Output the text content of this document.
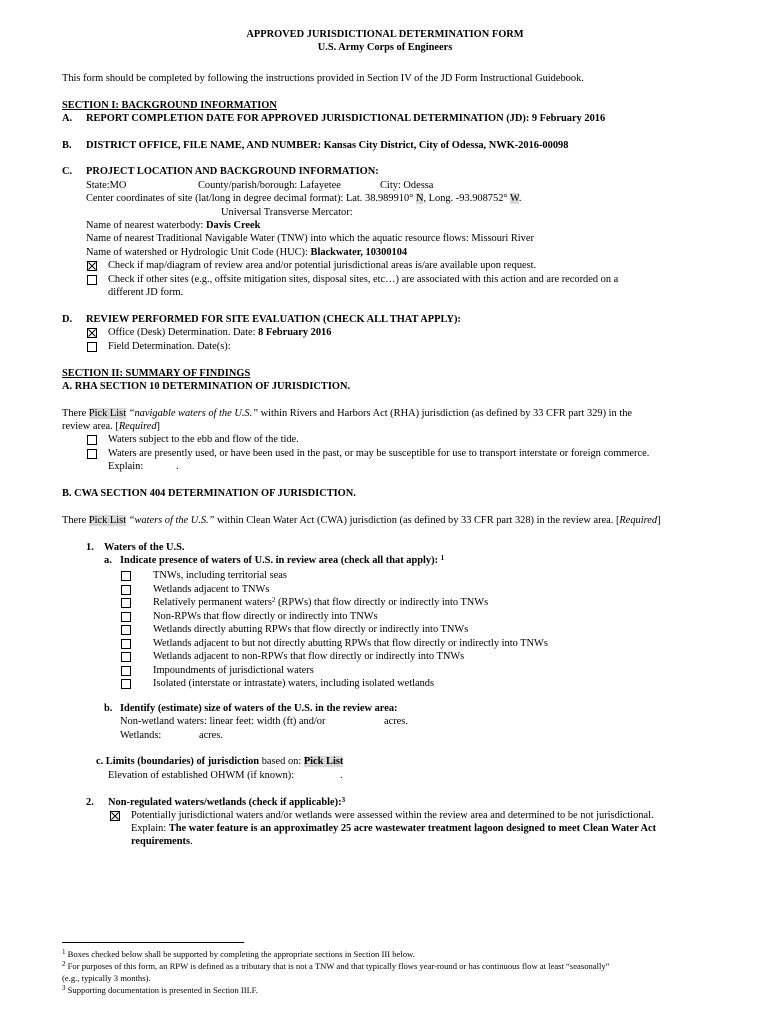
APPROVED JURISDICTIONAL DETERMINATION FORM
U.S. Army Corps of Engineers
This form should be completed by following the instructions provided in Section IV of the JD Form Instructional Guidebook.
SECTION I: BACKGROUND INFORMATION
A. REPORT COMPLETION DATE FOR APPROVED JURISDICTIONAL DETERMINATION (JD): 9 February 2016
B. DISTRICT OFFICE, FILE NAME, AND NUMBER: Kansas City District, City of Odessa, NWK-2016-00098
C. PROJECT LOCATION AND BACKGROUND INFORMATION:
State:MO	County/parish/borough: Lafayetee	City: Odessa
Center coordinates of site (lat/long in degree decimal format): Lat. 38.989910° N, Long. -93.908752° W.
Universal Transverse Mercator:
Name of nearest waterbody: Davis Creek
Name of nearest Traditional Navigable Water (TNW) into which the aquatic resource flows: Missouri River
Name of watershed or Hydrologic Unit Code (HUC): Blackwater, 10300104
Check if map/diagram of review area and/or potential jurisdictional areas is/are available upon request.
Check if other sites (e.g., offsite mitigation sites, disposal sites, etc…) are associated with this action and are recorded on a
different JD form.
D. REVIEW PERFORMED FOR SITE EVALUATION (CHECK ALL THAT APPLY):
Office (Desk) Determination. Date: 8 February 2016
Field Determination. Date(s):
SECTION II: SUMMARY OF FINDINGS
A. RHA SECTION 10 DETERMINATION OF JURISDICTION.
There Pick List “navigable waters of the U.S.” within Rivers and Harbors Act (RHA) jurisdiction (as defined by 33 CFR part 329) in the
review area. [Required]
Waters subject to the ebb and flow of the tide.
Waters are presently used, or have been used in the past, or may be susceptible for use to transport interstate or foreign commerce.
Explain:	.
B. CWA SECTION 404 DETERMINATION OF JURISDICTION.
There Pick List “waters of the U.S.” within Clean Water Act (CWA) jurisdiction (as defined by 33 CFR part 328) in the review area. [Required]
1. Waters of the U.S.
a. Indicate presence of waters of U.S. in review area (check all that apply): $^1$
TNWs, including territorial seas
Wetlands adjacent to TNWs
Relatively permanent waters$^2$ (RPWs) that flow directly or indirectly into TNWs
Non-RPWs that flow directly or indirectly into TNWs
Wetlands directly abutting RPWs that flow directly or indirectly into TNWs
Wetlands adjacent to but not directly abutting RPWs that flow directly or indirectly into TNWs
Wetlands adjacent to non-RPWs that flow directly or indirectly into TNWs
Impoundments of jurisdictional waters
Isolated (interstate or intrastate) waters, including isolated wetlands
b. Identify (estimate) size of waters of the U.S. in the review area:
Non-wetland waters: linear feet: width (ft) and/or	acres.
Wetlands:	acres.
c. Limits (boundaries) of jurisdiction based on: Pick List
Elevation of established OHWM (if known):	.
2. Non-regulated waters/wetlands (check if applicable):$^3$
Potentially jurisdictional waters and/or wetlands were assessed within the review area and determined to be not jurisdictional.
Explain: The water feature is an approximatley 25 acre wastewater treatment lagoon designed to meet Clean Water Act
requirements.
$^1$ Boxes checked below shall be supported by completing the appropriate sections in Section III below.
$^2$ For purposes of this form, an RPW is defined as a tributary that is not a TNW and that typically flows year-round or has continuous flow at least “seasonally”
(e.g., typically 3 months).
$^3$ Supporting documentation is presented in Section III.F.
